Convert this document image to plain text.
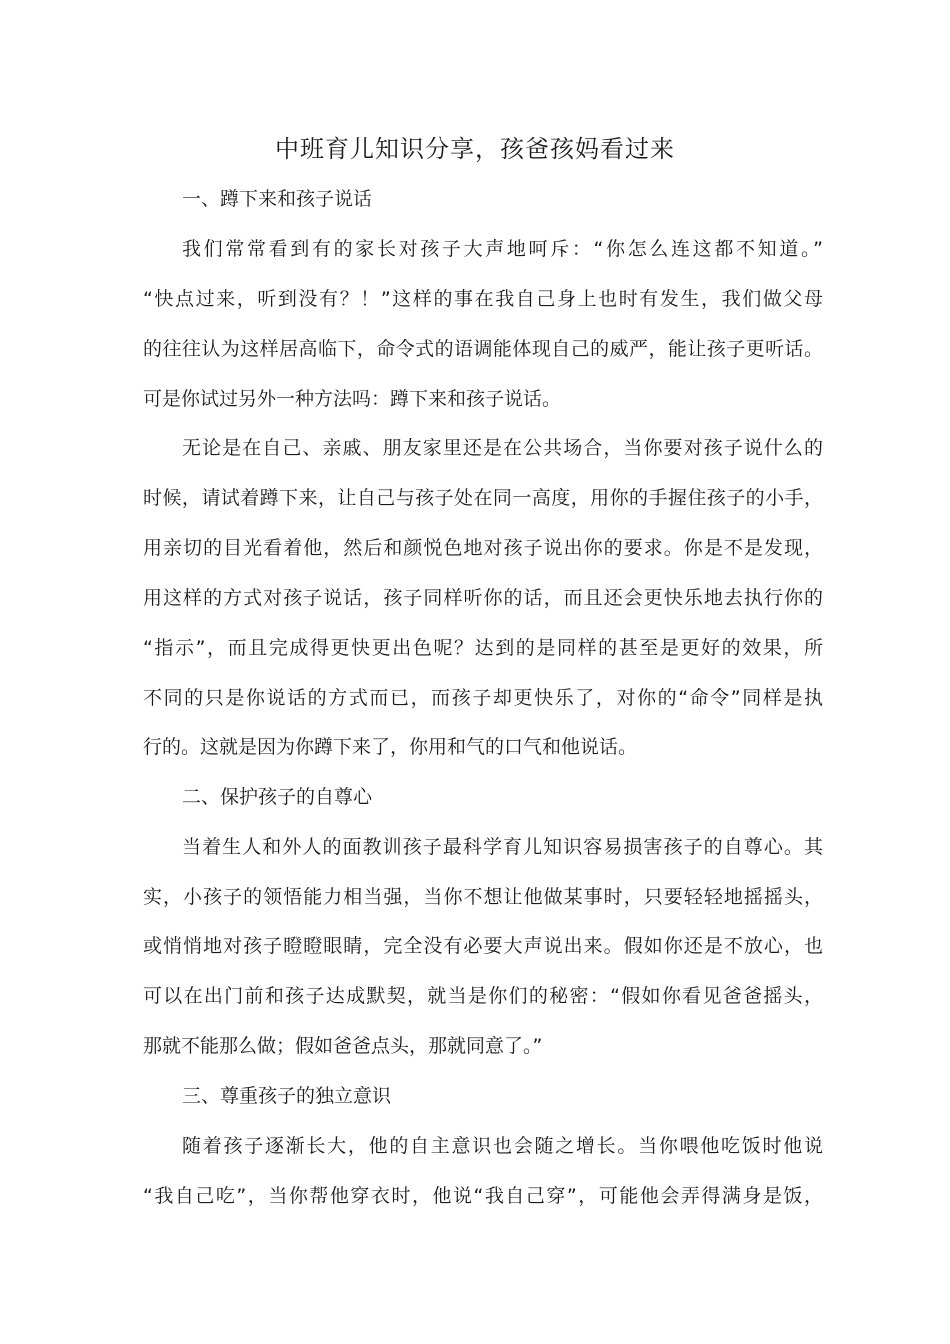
中班育儿知识分享，孩爸孩妈看过来
一、蹲下来和孩子说话
我们常常看到有的家长对孩子大声地呵斥：“你怎么连这都不知道。”
“快点过来，听到没有？！”这样的事在我自己身上也时有发生，我们做父母
的往往认为这样居高临下，命令式的语调能体现自己的威严，能让孩子更听话。
可是你试过另外一种方法吗：蹲下来和孩子说话。
无论是在自己、亲戚、朋友家里还是在公共场合，当你要对孩子说什么的
时候，请试着蹲下来，让自己与孩子处在同一高度，用你的手握住孩子的小手，
用亲切的目光看着他，然后和颜悦色地对孩子说出你的要求。你是不是发现，
用这样的方式对孩子说话，孩子同样听你的话，而且还会更快乐地去执行你的
“指示”，而且完成得更快更出色呢？达到的是同样的甚至是更好的效果，所
不同的只是你说话的方式而已，而孩子却更快乐了，对你的“命令”同样是执
行的。这就是因为你蹲下来了，你用和气的口气和他说话。
二、保护孩子的自尊心
当着生人和外人的面教训孩子最科学育儿知识容易损害孩子的自尊心。其
实，小孩子的领悟能力相当强，当你不想让他做某事时，只要轻轻地摇摇头，
或悄悄地对孩子瞪瞪眼睛，完全没有必要大声说出来。假如你还是不放心，也
可以在出门前和孩子达成默契，就当是你们的秘密：“假如你看见爸爸摇头，
那就不能那么做；假如爸爸点头，那就同意了。”
三、尊重孩子的独立意识
随着孩子逐渐长大，他的自主意识也会随之增长。当你喂他吃饭时他说
“我自己吃”，当你帮他穿衣时，他说“我自己穿”，可能他会弄得满身是饭，
